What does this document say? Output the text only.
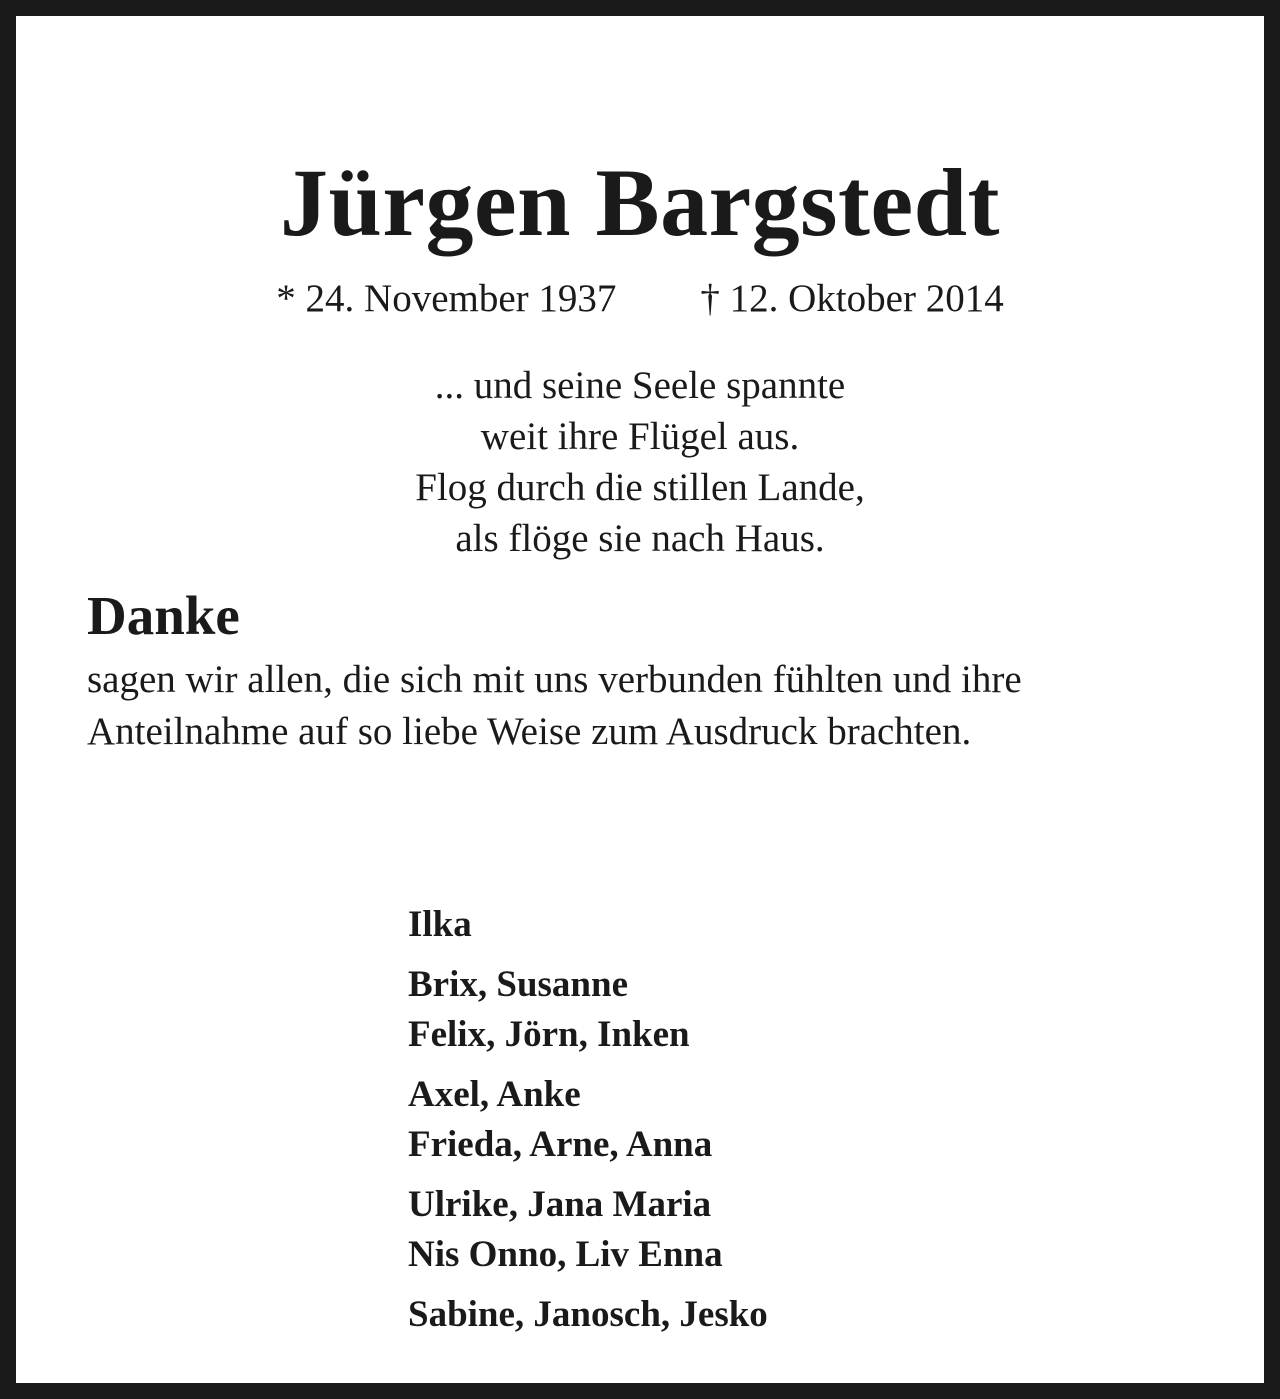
Jürgen Bargstedt
* 24. November 1937 † 12. Oktober 2014
... und seine Seele spannte
weit ihre Flügel aus.
Flog durch die stillen Lande,
als flöge sie nach Haus.
Danke
sagen wir allen, die sich mit uns verbunden fühlten und ihre Anteilnahme auf so liebe Weise zum Ausdruck brachten.
Ilka
Brix, Susanne
Felix, Jörn, Inken
Axel, Anke
Frieda, Arne, Anna
Ulrike, Jana Maria
Nis Onno, Liv Enna
Sabine, Janosch, Jesko
